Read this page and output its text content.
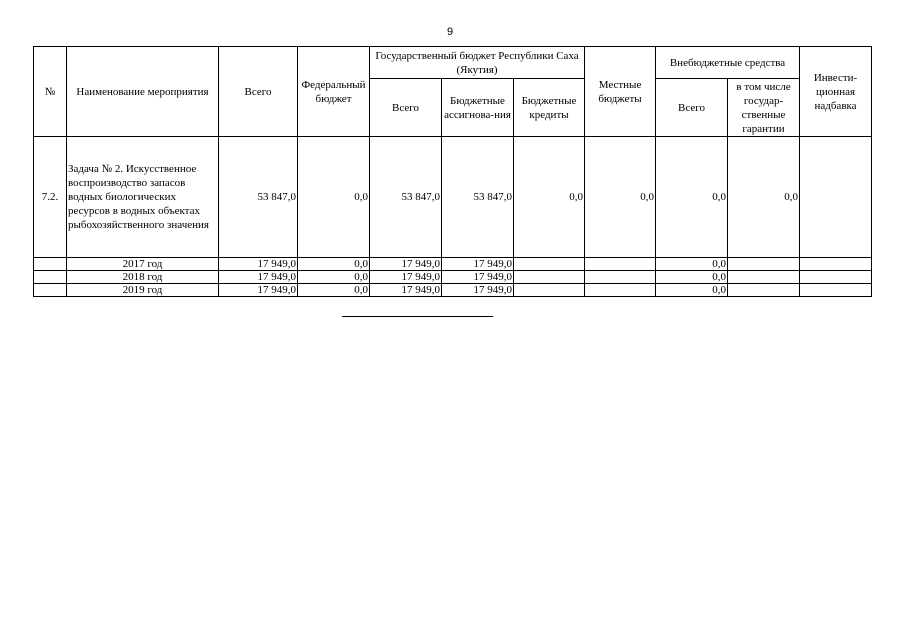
9
№	Наименование мероприятия	Всего	Федеральный бюджет	Государственный бюджет Республики Саха (Якутия)			Местные бюджеты	Внебюджетные средства		Инвести-ционная надбавка
				Всего	Бюджетные ассигнова-ния	Бюджетные кредиты		Всего	в том числе государ-ственные гарантии	
7.2.	Задача № 2. Искусственное воспроизводство запасов водных биологических ресурсов в водных объектах рыбохозяйственного значения	53 847,0	0,0	53 847,0	53 847,0	0,0	0,0	0,0	0,0	
	2017 год	17 949,0	0,0	17 949,0	17 949,0			0,0		
	2018 год	17 949,0	0,0	17 949,0	17 949,0			0,0		
	2019 год	17 949,0	0,0	17 949,0	17 949,0			0,0		
